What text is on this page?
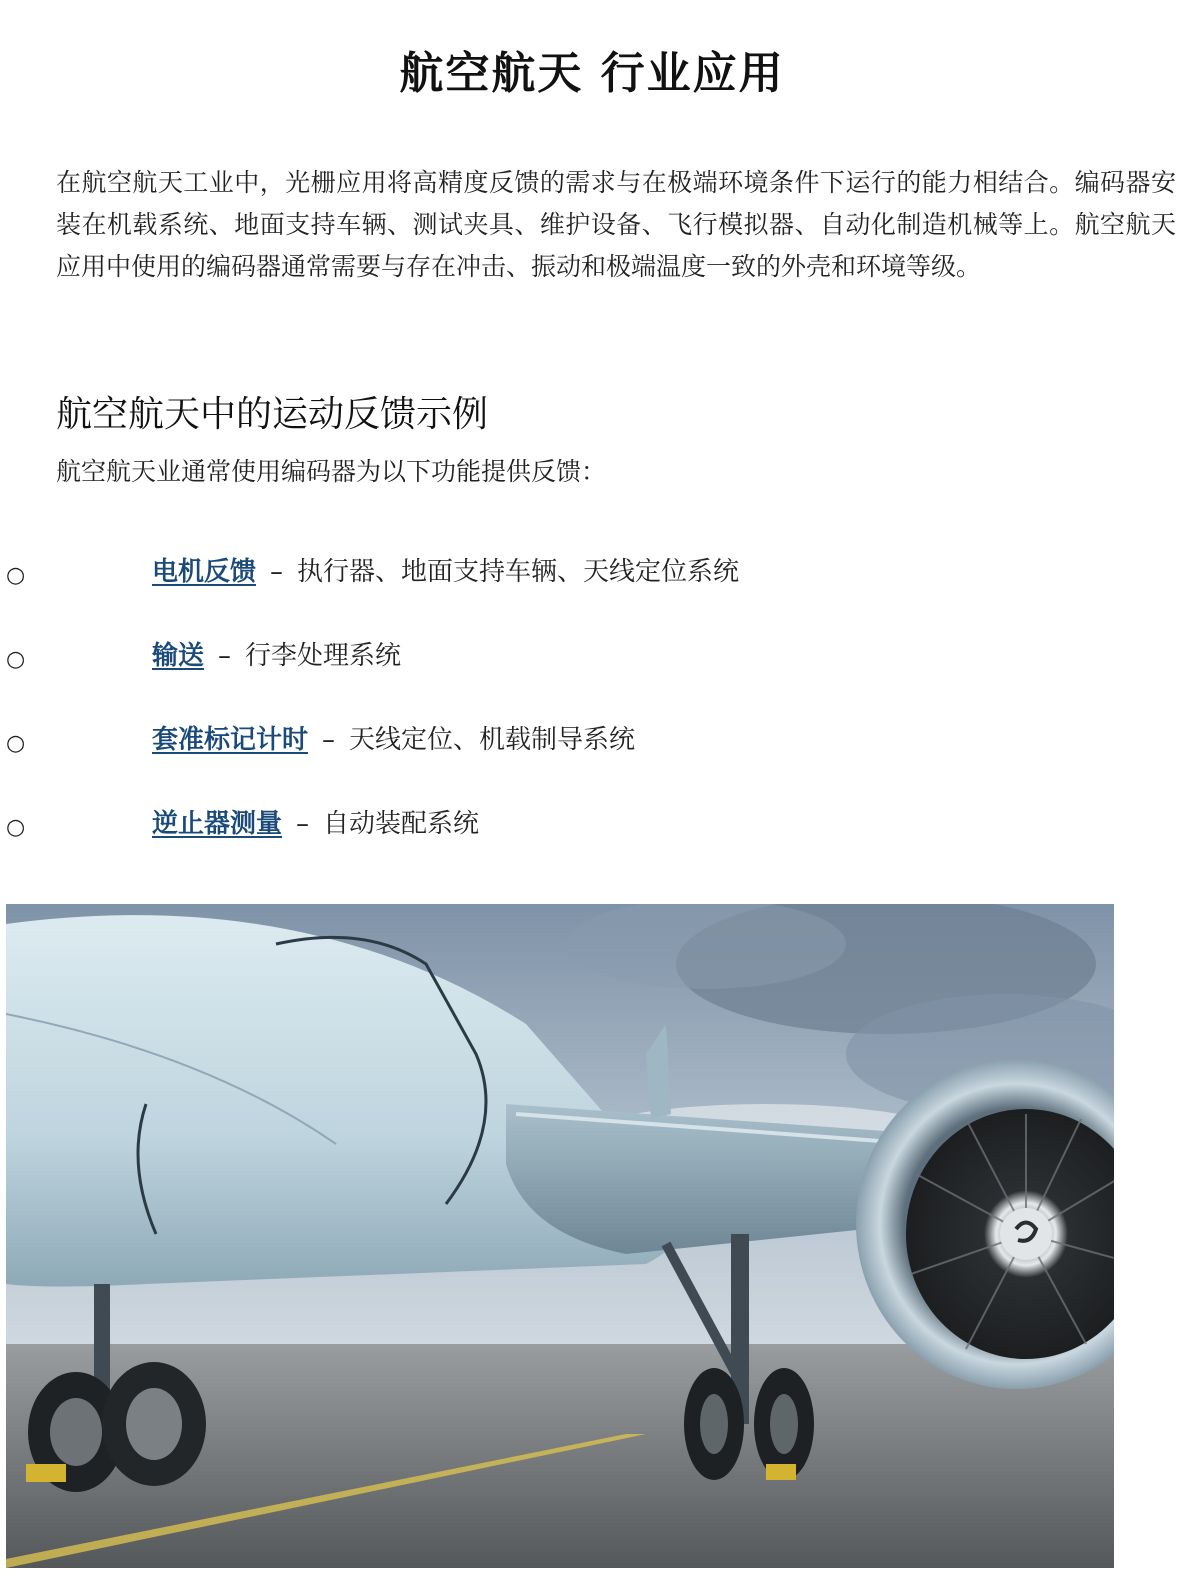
航空航天 行业应用

在航空航天工业中，光栅应用将高精度反馈的需求与在极端环境条件下运行的能力相结合。编码器安装在机载系统、地面支持车辆、测试夹具、维护设备、飞行模拟器、自动化制造机械等上。航空航天应用中使用的编码器通常需要与存在冲击、振动和极端温度一致的外壳和环境等级。

航空航天中的运动反馈示例

航空航天业通常使用编码器为以下功能提供反馈：

○	电机反馈 – 执行器、地面支持车辆、天线定位系统
○	输送 – 行李处理系统
○	套准标记计时 – 天线定位、机载制导系统
○	逆止器测量 – 自动装配系统
